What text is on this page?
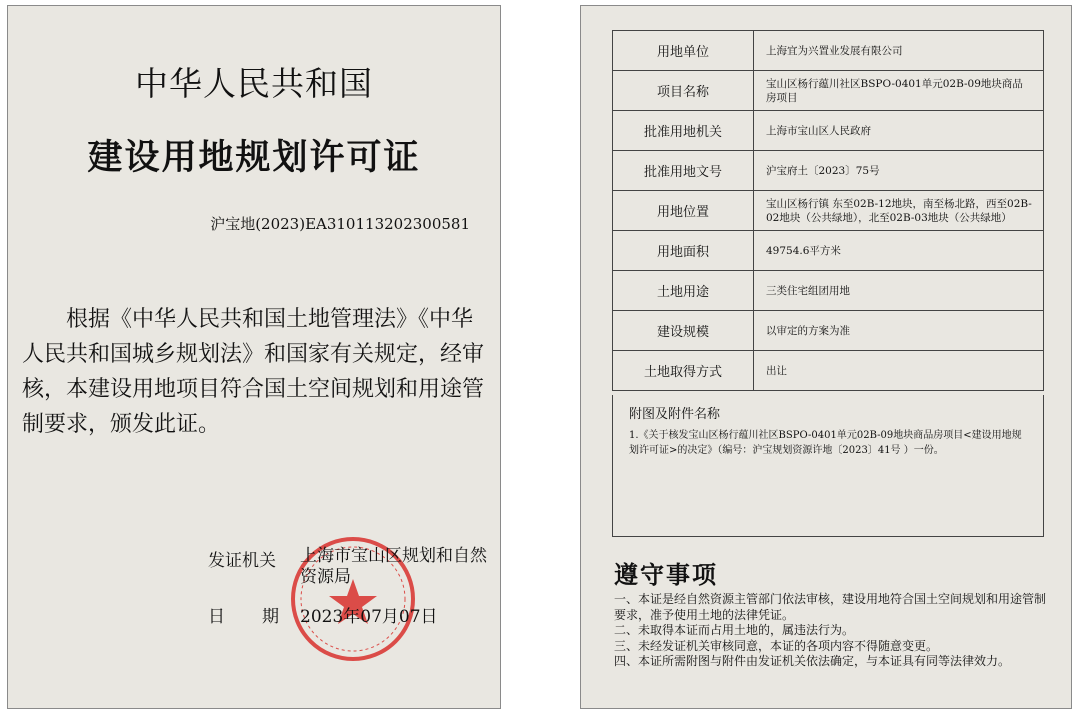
中华人民共和国
建设用地规划许可证
沪宝地(2023)EA310113202300581
根据《中华人民共和国土地管理法》《中华人民共和国城乡规划法》和国家有关规定，经审核，本建设用地项目符合国土空间规划和用途管制要求，颁发此证。
发证机关 上海市宝山区规划和自然资源局
日 期	2023年07月07日
用地单位	上海宜为兴置业发展有限公司
项目名称	宝山区杨行蕴川社区BSPO-0401单元02B-09地块商品房项目
批准用地机关	上海市宝山区人民政府
批准用地文号	沪宝府土〔2023〕75号
用地位置	宝山区杨行镇 东至02B-12地块，南至杨北路，西至02B-02地块（公共绿地），北至02B-03地块（公共绿地）
用地面积	49754.6平方米
土地用途	三类住宅组团用地
建设规模	以审定的方案为准
土地取得方式	出让
附图及附件名称
1.《关于核发宝山区杨行蕴川社区BSPO-0401单元02B-09地块商品房项目<建设用地规划许可证>的决定》（编号：沪宝规划资源许地〔2023〕41号 ）一份。
遵守事项
一、本证是经自然资源主管部门依法审核，建设用地符合国土空间规划和用途管制要求，准予使用土地的法律凭证。
二、未取得本证而占用土地的，属违法行为。
三、未经发证机关审核同意，本证的各项内容不得随意变更。
四、本证所需附图与附件由发证机关依法确定，与本证具有同等法律效力。
